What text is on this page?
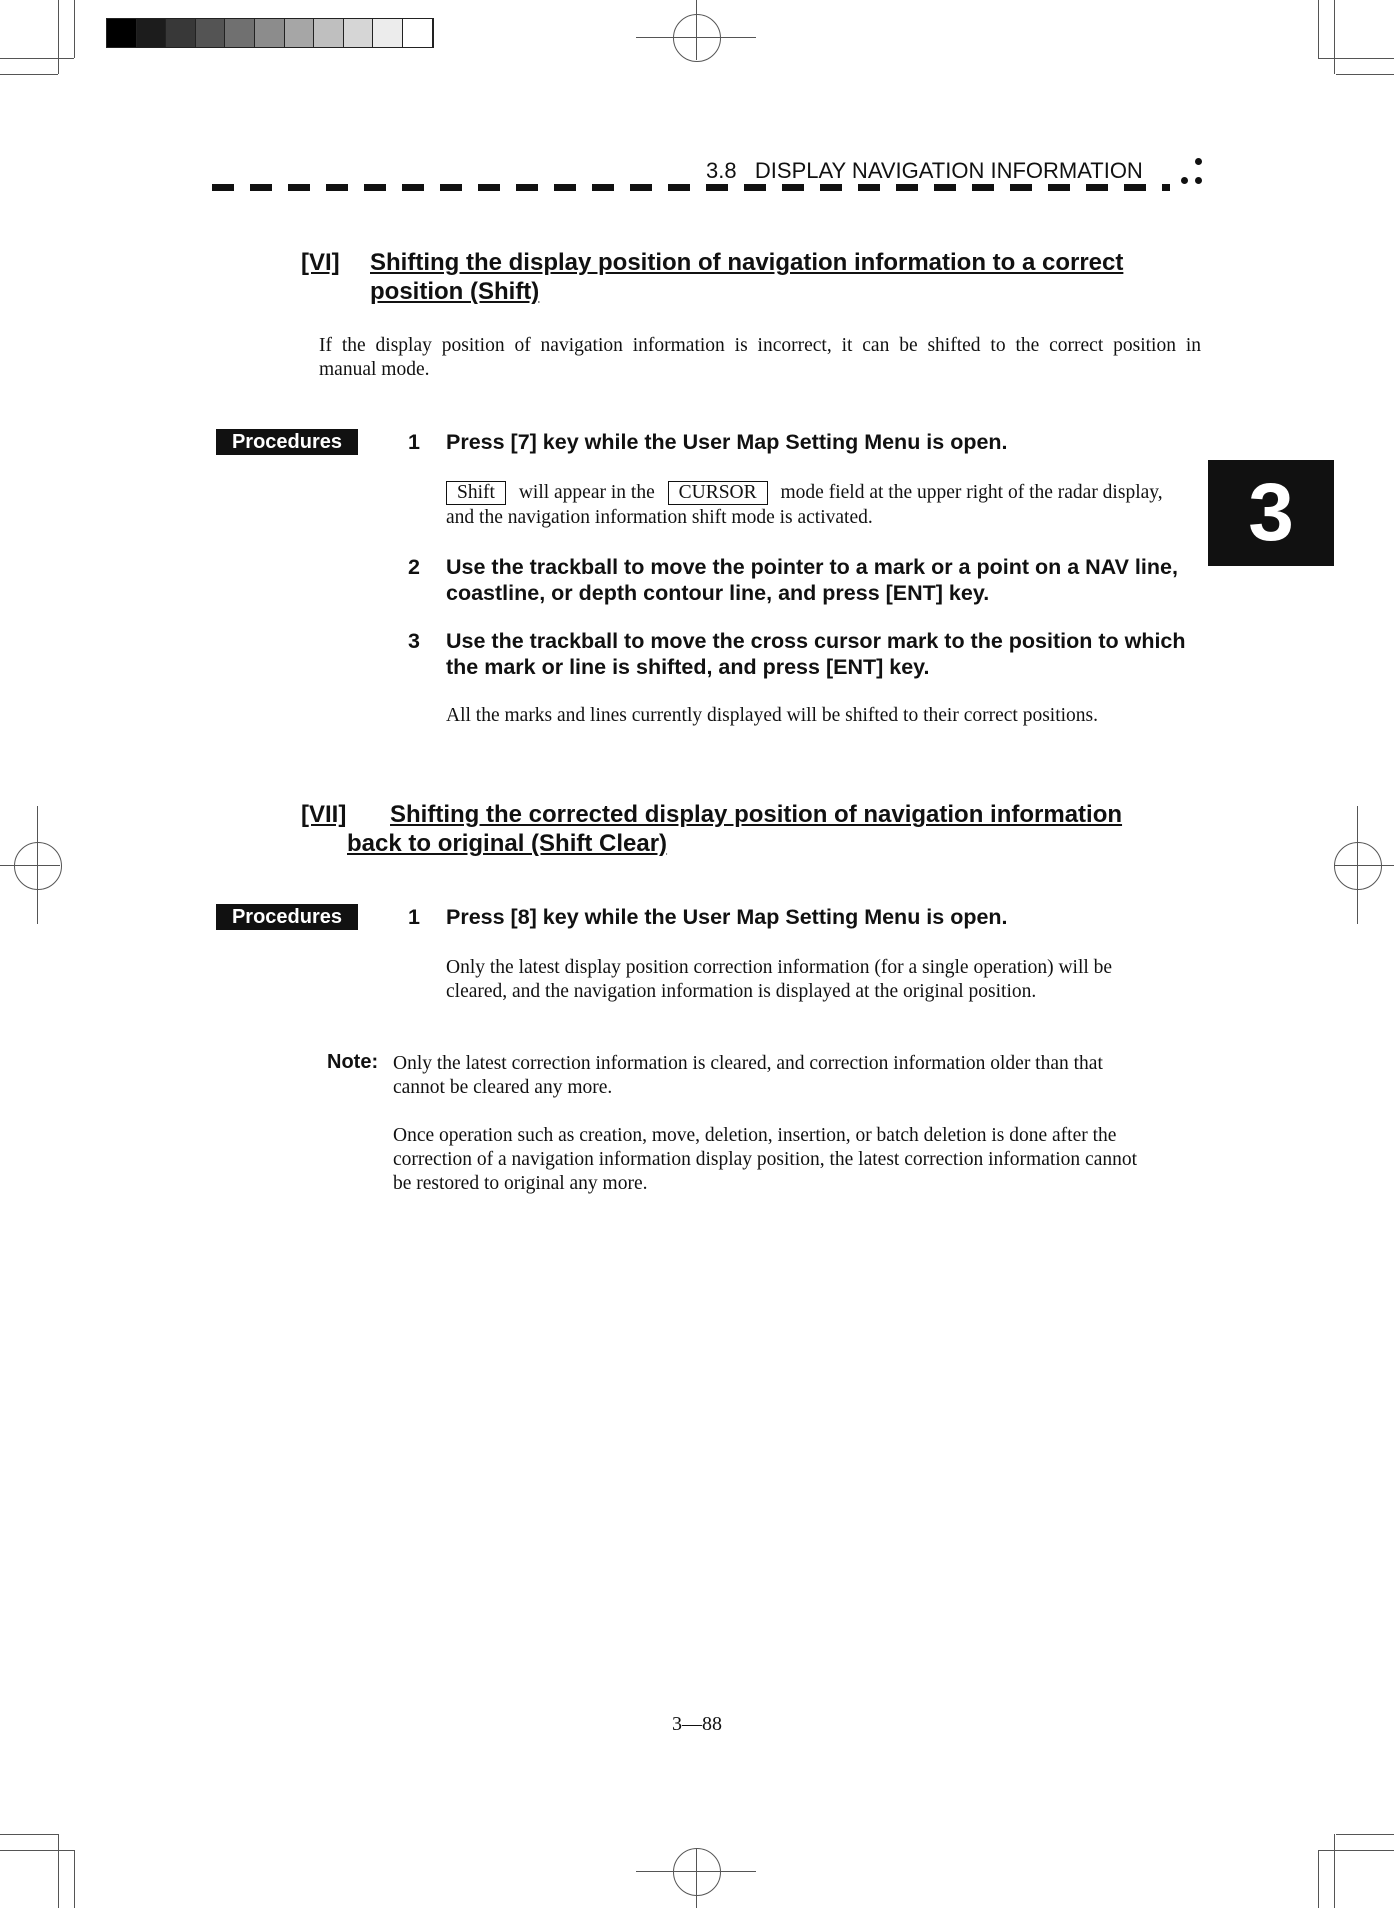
3.8   DISPLAY NAVIGATION INFORMATION
3
[VI] Shifting the display position of navigation information to a correct
position (Shift)
If the display position of navigation information is incorrect, it can be shifted to the correct position in
manual mode.
Procedures	1 Press [7] key while the User Map Setting Menu is open.
Shift will appear in the CURSOR mode field at the upper right of the radar display,
and the navigation information shift mode is activated.
2 Use the trackball to move the pointer to a mark or a point on a NAV line,
coastline, or depth contour line, and press [ENT] key.
3 Use the trackball to move the cross cursor mark to the position to which
the mark or line is shifted, and press [ENT] key.
All the marks and lines currently displayed will be shifted to their correct positions.
[VII] Shifting the corrected display position of navigation information
back to original (Shift Clear)
Procedures	1 Press [8] key while the User Map Setting Menu is open.
Only the latest display position correction information (for a single operation) will be
cleared, and the navigation information is displayed at the original position.
Note: Only the latest correction information is cleared, and correction information older than that
cannot be cleared any more.
Once operation such as creation, move, deletion, insertion, or batch deletion is done after the
correction of a navigation information display position, the latest correction information cannot
be restored to original any more.
3—88
